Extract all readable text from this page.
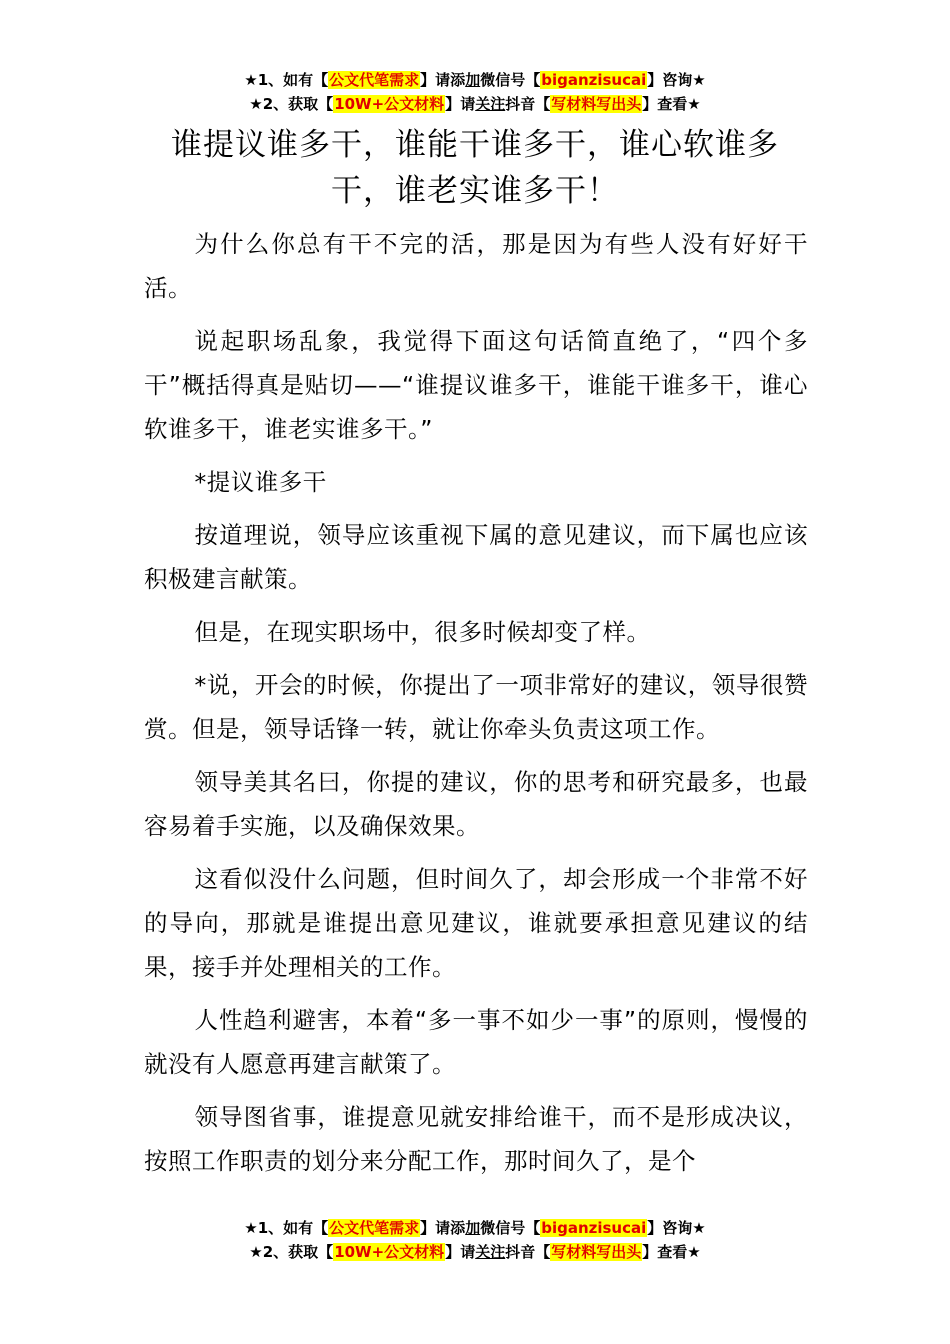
★1、如有【公文代笔需求】请添加微信号【biganzisucai】咨询★
★2、获取【10W+公文材料】请关注抖音【写材料写出头】查看★
谁提议谁多干，谁能干谁多干，谁心软谁多干，谁老实谁多干！

为什么你总有干不完的活，那是因为有些人没有好好干活。

说起职场乱象，我觉得下面这句话简直绝了，“四个多干”概括得真是贴切——“谁提议谁多干，谁能干谁多干，谁心软谁多干，谁老实谁多干。”

*提议谁多干

按道理说，领导应该重视下属的意见建议，而下属也应该积极建言献策。

但是，在现实职场中，很多时候却变了样。

*说，开会的时候，你提出了一项非常好的建议，领导很赞赏。但是，领导话锋一转，就让你牵头负责这项工作。

领导美其名曰，你提的建议，你的思考和研究最多，也最容易着手实施，以及确保效果。

这看似没什么问题，但时间久了，却会形成一个非常不好的导向，那就是谁提出意见建议，谁就要承担意见建议的结果，接手并处理相关的工作。

人性趋利避害，本着“多一事不如少一事”的原则，慢慢的就没有人愿意再建言献策了。

领导图省事，谁提意见就安排给谁干，而不是形成决议，按照工作职责的划分来分配工作，那时间久了，是个

★1、如有【公文代笔需求】请添加微信号【biganzisucai】咨询★
★2、获取【10W+公文材料】请关注抖音【写材料写出头】查看★
